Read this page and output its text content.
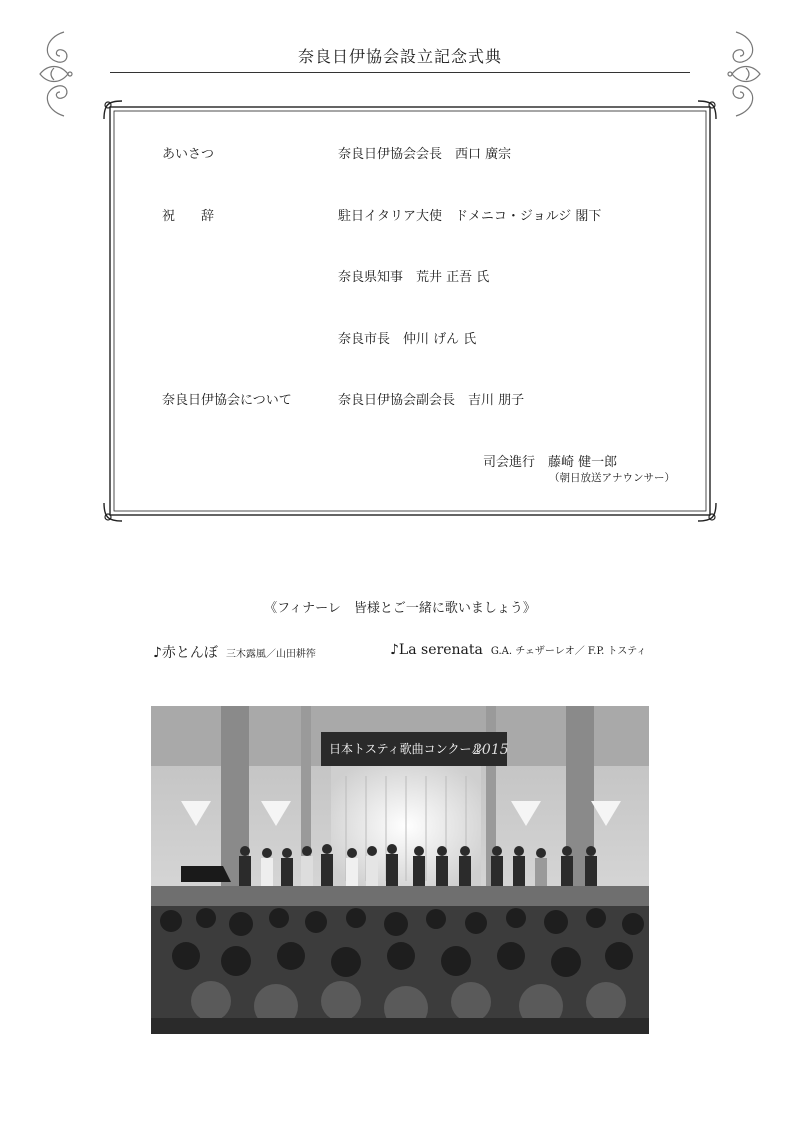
奈良日伊協会設立記念式典
あいさつ	奈良日伊協会会長　西口 廣宗
祝　　辞	駐日イタリア大使　ドメニコ・ジョルジ 閣下
奈良県知事　荒井 正吾 氏
奈良市長　仲川 げん 氏
奈良日伊協会について	奈良日伊協会副会長　吉川 朋子
司会進行　藤崎 健一郎
（朝日放送アナウンサー）
《フィナーレ　皆様とご一緒に歌いましょう》
♪赤とんぼ 三木露風／山田耕筰	♪La serenata G.A. チェザーレオ／ F.P. トスティ
日本トスティ歌曲コンクール
2015
